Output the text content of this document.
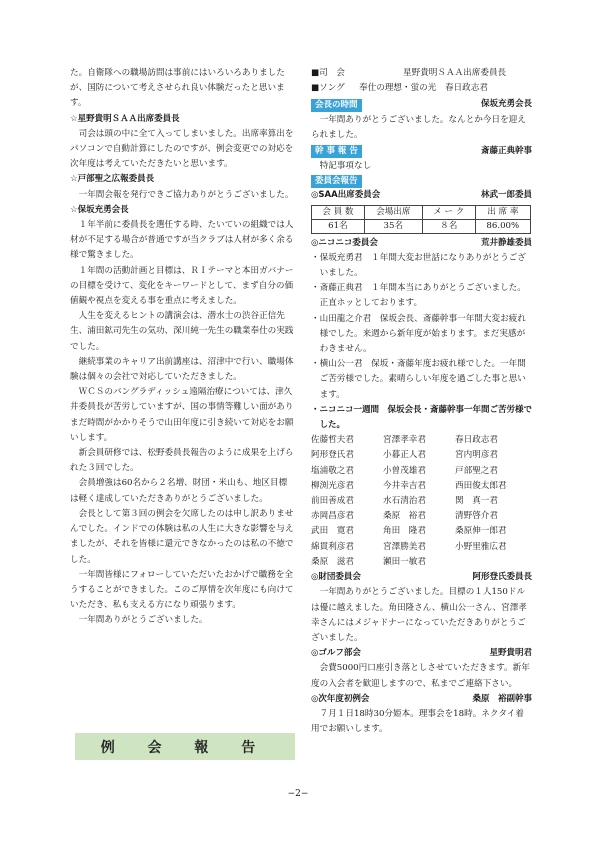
た。自衛隊への職場訪問は事前にはいろいろありましたが、国防について考えさせられ良い体験だったと思います。

☆星野貴明ＳＡＡ出席委員長

司会は頭の中に全て入ってしまいました。出席率算出をパソコンで自動計算にしたのですが、例会変更での対応を次年度は考えていただきたいと思います。

☆戸部聖之広報委員長

一年間会報を発行できご協力ありがとうございました。

☆保坂充勇会長

１年半前に委員長を選任する時、たいていの組織では人材が不足する場合が普通ですが当クラブは人材が多く余る様で驚きました。

１年間の活動計画と目標は、ＲＩテーマと本田ガバナーの目標を受けて、変化をキーワードとして、まず自分の価値観や視点を変える事を重点に考えました。

人生を変えるヒントの講演会は、潜水士の渋谷正信先生、浦田鉱司先生の気功、深川純一先生の職業奉仕の実践でした。

継続事業のキャリア出前講座は、沼津中で行い、職場体験は個々の会社で対応していただきました。

ＷＣＳのバングラディッシュ遠隔治療については、津久井委員長が苦労していますが、国の事情等難しい面がありまだ時間がかかりそうで山田年度に引き続いて対応をお願いします。

新会員研修では、松野委員長報告のように成果を上げられた３回でした。

会員増強は60名から２名増、財団・米山も、地区目標は軽く達成していただきありがとうございました。

会長として第３回の例会を欠席したのは申し訳ありませんでした。インドでの体験は私の人生に大きな影響を与えましたが、それを皆様に還元できなかったのは私の不徳でした。

一年間皆様にフォローしていただいたおかげで職務を全うすることができました。このご厚情を次年度にも向けていただき、私も支える方になり頑張ります。

一年間ありがとうございました。

例 会 報 告
■司　会	星野貴明ＳＡＡ出席委員長
■ソング	奉仕の理想・蛍の光　春日政志君
会長の時間	保坂充勇会長

一年間ありがとうございました。なんとか今日を迎えられました。

幹 事 報 告	斎藤正典幹事

特記事項なし

委員会報告
◎SAA出席委員会	林武一郎委員
会 員 数	会場出席	メ ー ク	出 席 率
61名	35名	８名	86.00%
◎ニコニコ委員会	荒井静雄委員
・保坂充勇君　１年間大変お世話になりありがとうございました。
・斎藤正典君　１年間本当にありがとうございました。正直ホッとしております。
・山田龍之介君　保坂会長、斎藤幹事一年間大変お疲れ様でした。来週から新年度が始まります。まだ実感がわきません。
・横山公一君　保坂・斎藤年度お疲れ様でした。一年間ご苦労様でした。素晴らしい年度を過ごした事と思います。
・ニコニコ一週間　保坂会長・斎藤幹事一年間ご苦労様でした。
佐藤哲夫君	宮澤孝幸君	春日政志君
阿形登氏君	小暮正人君	宮内明彦君
塩浦敬之君	小曽茂雄君	戸部聖之君
柳渕光彦君	今井幸吉君	西田俊太郎君
前田善成君	水石清治君	関　真一君
赤岡昌彦君	桑原　裕君	清野啓介君
武田　寛君	角田　隆君	桑原伸一郎君
綿貫利彦君	宮澤勝美君	小野里雅広君
桑原　滋君	瀬田一敏君
◎財団委員会	阿形登氏委員長

一年間ありがとうございました。目標の１人150ドルは優に越えました。角田隆さん、横山公一さん、宮澤孝幸さんにはメジャドナーになっていただきありがとうございました。

◎ゴルフ部会	星野貴明君

会費5000円口座引き落としさせていただきます。新年度の入会者を歓迎しますので、私までご連絡下さい。

◎次年度初例会	桑原　裕副幹事

７月１日18時30分姫本。理事会を18時。ネクタイ着用でお願いします。

−2−
